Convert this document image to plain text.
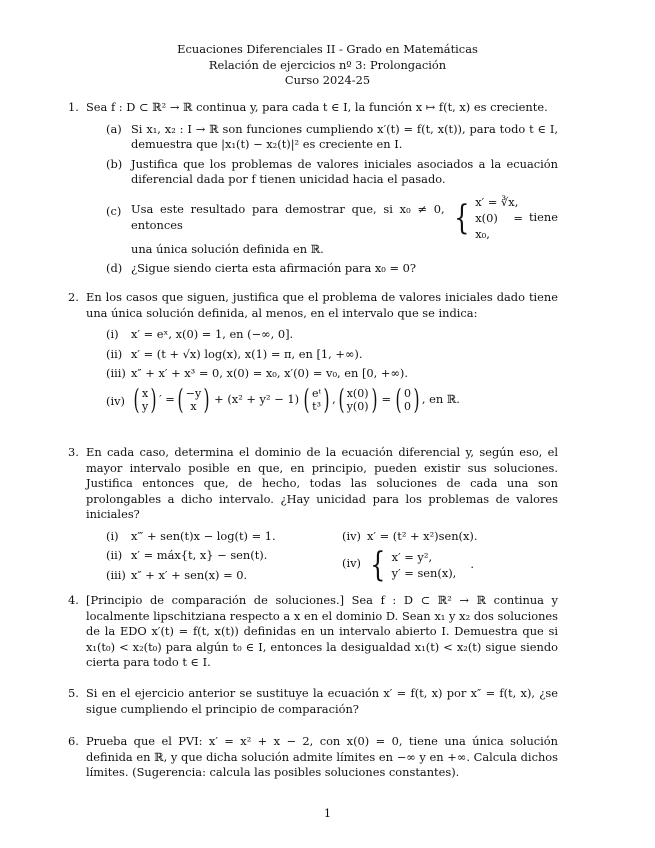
Ecuaciones Diferenciales II - Grado en Matemáticas
Relación de ejercicios nº 3: Prolongación
Curso 2024-25
1. Sea f : D ⊂ ℝ² → ℝ continua y, para cada t ∈ I, la función x ↦ f(t, x) es creciente.
(a) Si x₁, x₂ : I → ℝ son funciones cumpliendo x′(t) = f(t, x(t)), para todo t ∈ I, demuestra que |x₁(t) − x₂(t)|² es creciente en I.
(b) Justifica que los problemas de valores iniciales asociados a la ecuación diferencial dada por f tienen unicidad hacia el pasado.
(c) Usa este resultado para demostrar que, si x₀ ≠ 0, entonces	{ x′ = ∛x,
x(0) = x₀,
tiene
una única solución definida en ℝ.
(d) ¿Sigue siendo cierta esta afirmación para x₀ = 0?
2. En los casos que siguen, justifica que el problema de valores iniciales dado tiene una única solución definida, al menos, en el intervalo que se indica:
(i) x′ = eˣ, x(0) = 1, en (−∞, 0].
(ii) x′ = (t + √x) log(x), x(1) = π, en [1, +∞).
(iii) x″ + x′ + x³ = 0, x(0) = x₀, x′(0) = v₀, en [0, +∞).
(iv) ( x
y ) ′ = ( −y
x ) + (x² + y² − 1) ( eᵗ
t³ ) , ( x(0)
y(0) ) = ( 0
0 ) , en ℝ.
3. En cada caso, determina el dominio de la ecuación diferencial y, según eso, el mayor intervalo posible en que, en principio, pueden existir sus soluciones. Justifica entonces que, de hecho, todas las soluciones de cada una son prolongables a dicho intervalo. ¿Hay unicidad para los problemas de valores iniciales?
(i) x‴ + sen(t)x − log(t) = 1.
(ii) x′ = máx{t, x} − sen(t).
(iii) x″ + x′ + sen(x) = 0.
(iv) x′ = (t² + x²)sen(x).
(iv) { x′ = y²,
y′ = sen(x),
.
4. [Principio de comparación de soluciones.] Sea f : D ⊂ ℝ² → ℝ continua y localmente lipschitziana respecto a x en el dominio D. Sean x₁ y x₂ dos soluciones de la EDO x′(t) = f(t, x(t)) definidas en un intervalo abierto I. Demuestra que si x₁(t₀) < x₂(t₀) para algún t₀ ∈ I, entonces la desigualdad x₁(t) < x₂(t) sigue siendo cierta para todo t ∈ I.
5. Si en el ejercicio anterior se sustituye la ecuación x′ = f(t, x) por x″ = f(t, x), ¿se sigue cumpliendo el principio de comparación?
6. Prueba que el PVI: x′ = x² + x − 2, con x(0) = 0, tiene una única solución definida en ℝ, y que dicha solución admite límites en −∞ y en +∞. Calcula dichos límites. (Sugerencia: calcula las posibles soluciones constantes).
1
